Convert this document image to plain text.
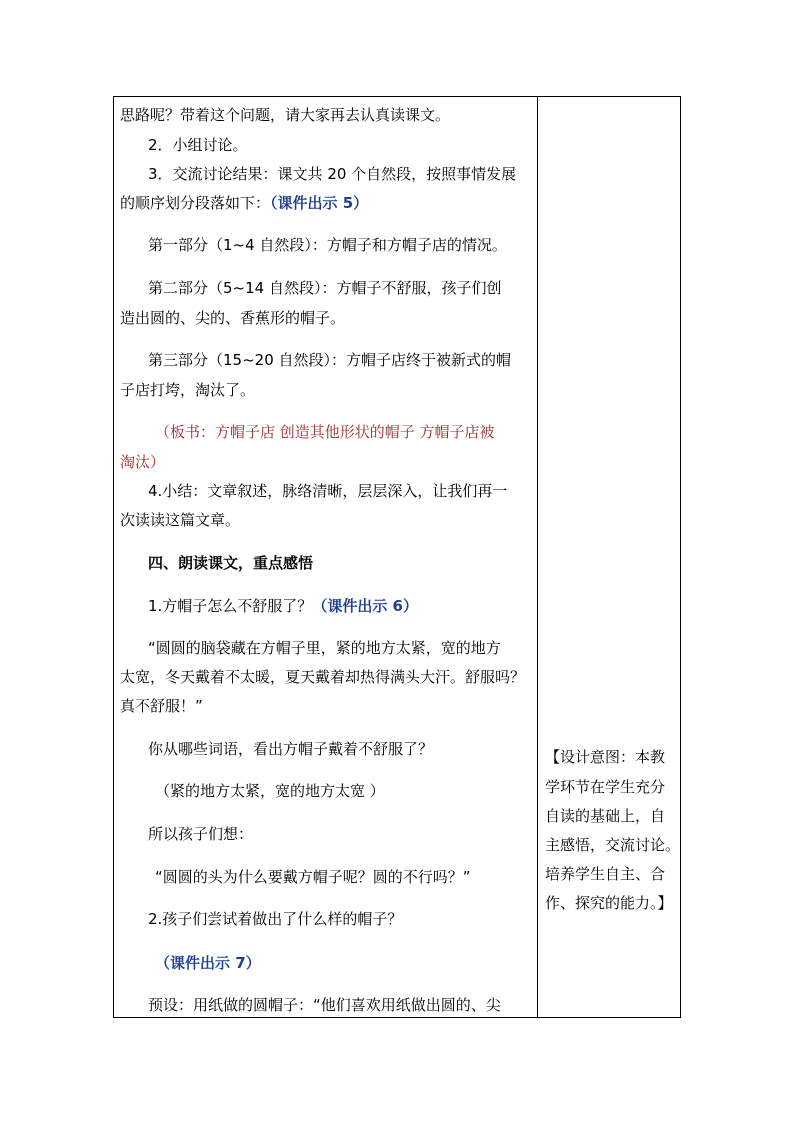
思路呢？带着这个问题，请大家再去认真读课文。
2．小组讨论。
3．交流讨论结果：课文共 20 个自然段，按照事情发展
的顺序划分段落如下：（课件出示 5）
第一部分（1~4 自然段）：方帽子和方帽子店的情况。
第二部分（5~14 自然段）：方帽子不舒服，孩子们创
造出圆的、尖的、香蕉形的帽子。
第三部分（15~20 自然段）：方帽子店终于被新式的帽
子店打垮，淘汰了。
（板书：方帽子店 创造其他形状的帽子 方帽子店被
淘汰）
4.小结：文章叙述，脉络清晰，层层深入，让我们再一
次读读这篇文章。
四、朗读课文，重点感悟
1.方帽子怎么不舒服了？（课件出示 6）
“圆圆的脑袋藏在方帽子里，紧的地方太紧，宽的地方
太宽，冬天戴着不太暖，夏天戴着却热得满头大汗。舒服吗？
真不舒服！”
你从哪些词语，看出方帽子戴着不舒服了？
（紧的地方太紧，宽的地方太宽 ）
所以孩子们想：
“圆圆的头为什么要戴方帽子呢？圆的不行吗？”
2.孩子们尝试着做出了什么样的帽子？
（课件出示 7）
预设：用纸做的圆帽子：“他们喜欢用纸做出圆的、尖
【设计意图：本教
学环节在学生充分
自读的基础上，自
主感悟，交流讨论。
培养学生自主、合
作、探究的能力。】
